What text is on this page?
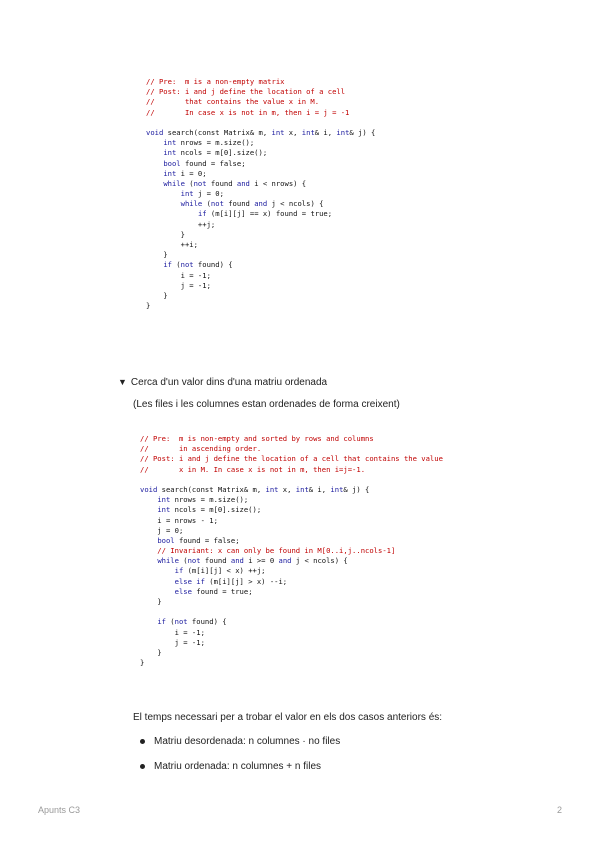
// Pre:  m is a non-empty matrix
// Post: i and j define the location of a cell
//       that contains the value x in M.
//       In case x is not in m, then i = j = -1

void search(const Matrix& m, int x, int& i, int& j) {
int nrows = m.size();
int ncols = m[0].size();
bool found = false;
int i = 0;
while (not found and i < nrows) {
int j = 0;
while (not found and j < ncols) {
if (m[i][j] == x) found = true;
++j;
}
++i;
}
if (not found) {
i = -1;
j = -1;
}
}
▼ Cerca d'un valor dins d'una matriu ordenada
(Les files i les columnes estan ordenades de forma creixent)
// Pre:  m is non-empty and sorted by rows and columns
//       in ascending order.
// Post: i and j define the location of a cell that contains the value
//       x in M. In case x is not in m, then i=j=-1.

void search(const Matrix& m, int x, int& i, int& j) {
int nrows = m.size();
int ncols = m[0].size();
i = nrows - 1;
j = 0;
bool found = false;
// Invariant: x can only be found in M[0..i,j..ncols-1]
while (not found and i >= 0 and j < ncols) {
if (m[i][j] < x) ++j;
else if (m[i][j] > x) --i;
else found = true;
}

if (not found) {
i = -1;
j = -1;
}
}
El temps necessari per a trobar el valor en els dos casos anteriors és:
Matriu desordenada: n columnes · no files
Matriu ordenada: n columnes + n files
Apunts C3	2
